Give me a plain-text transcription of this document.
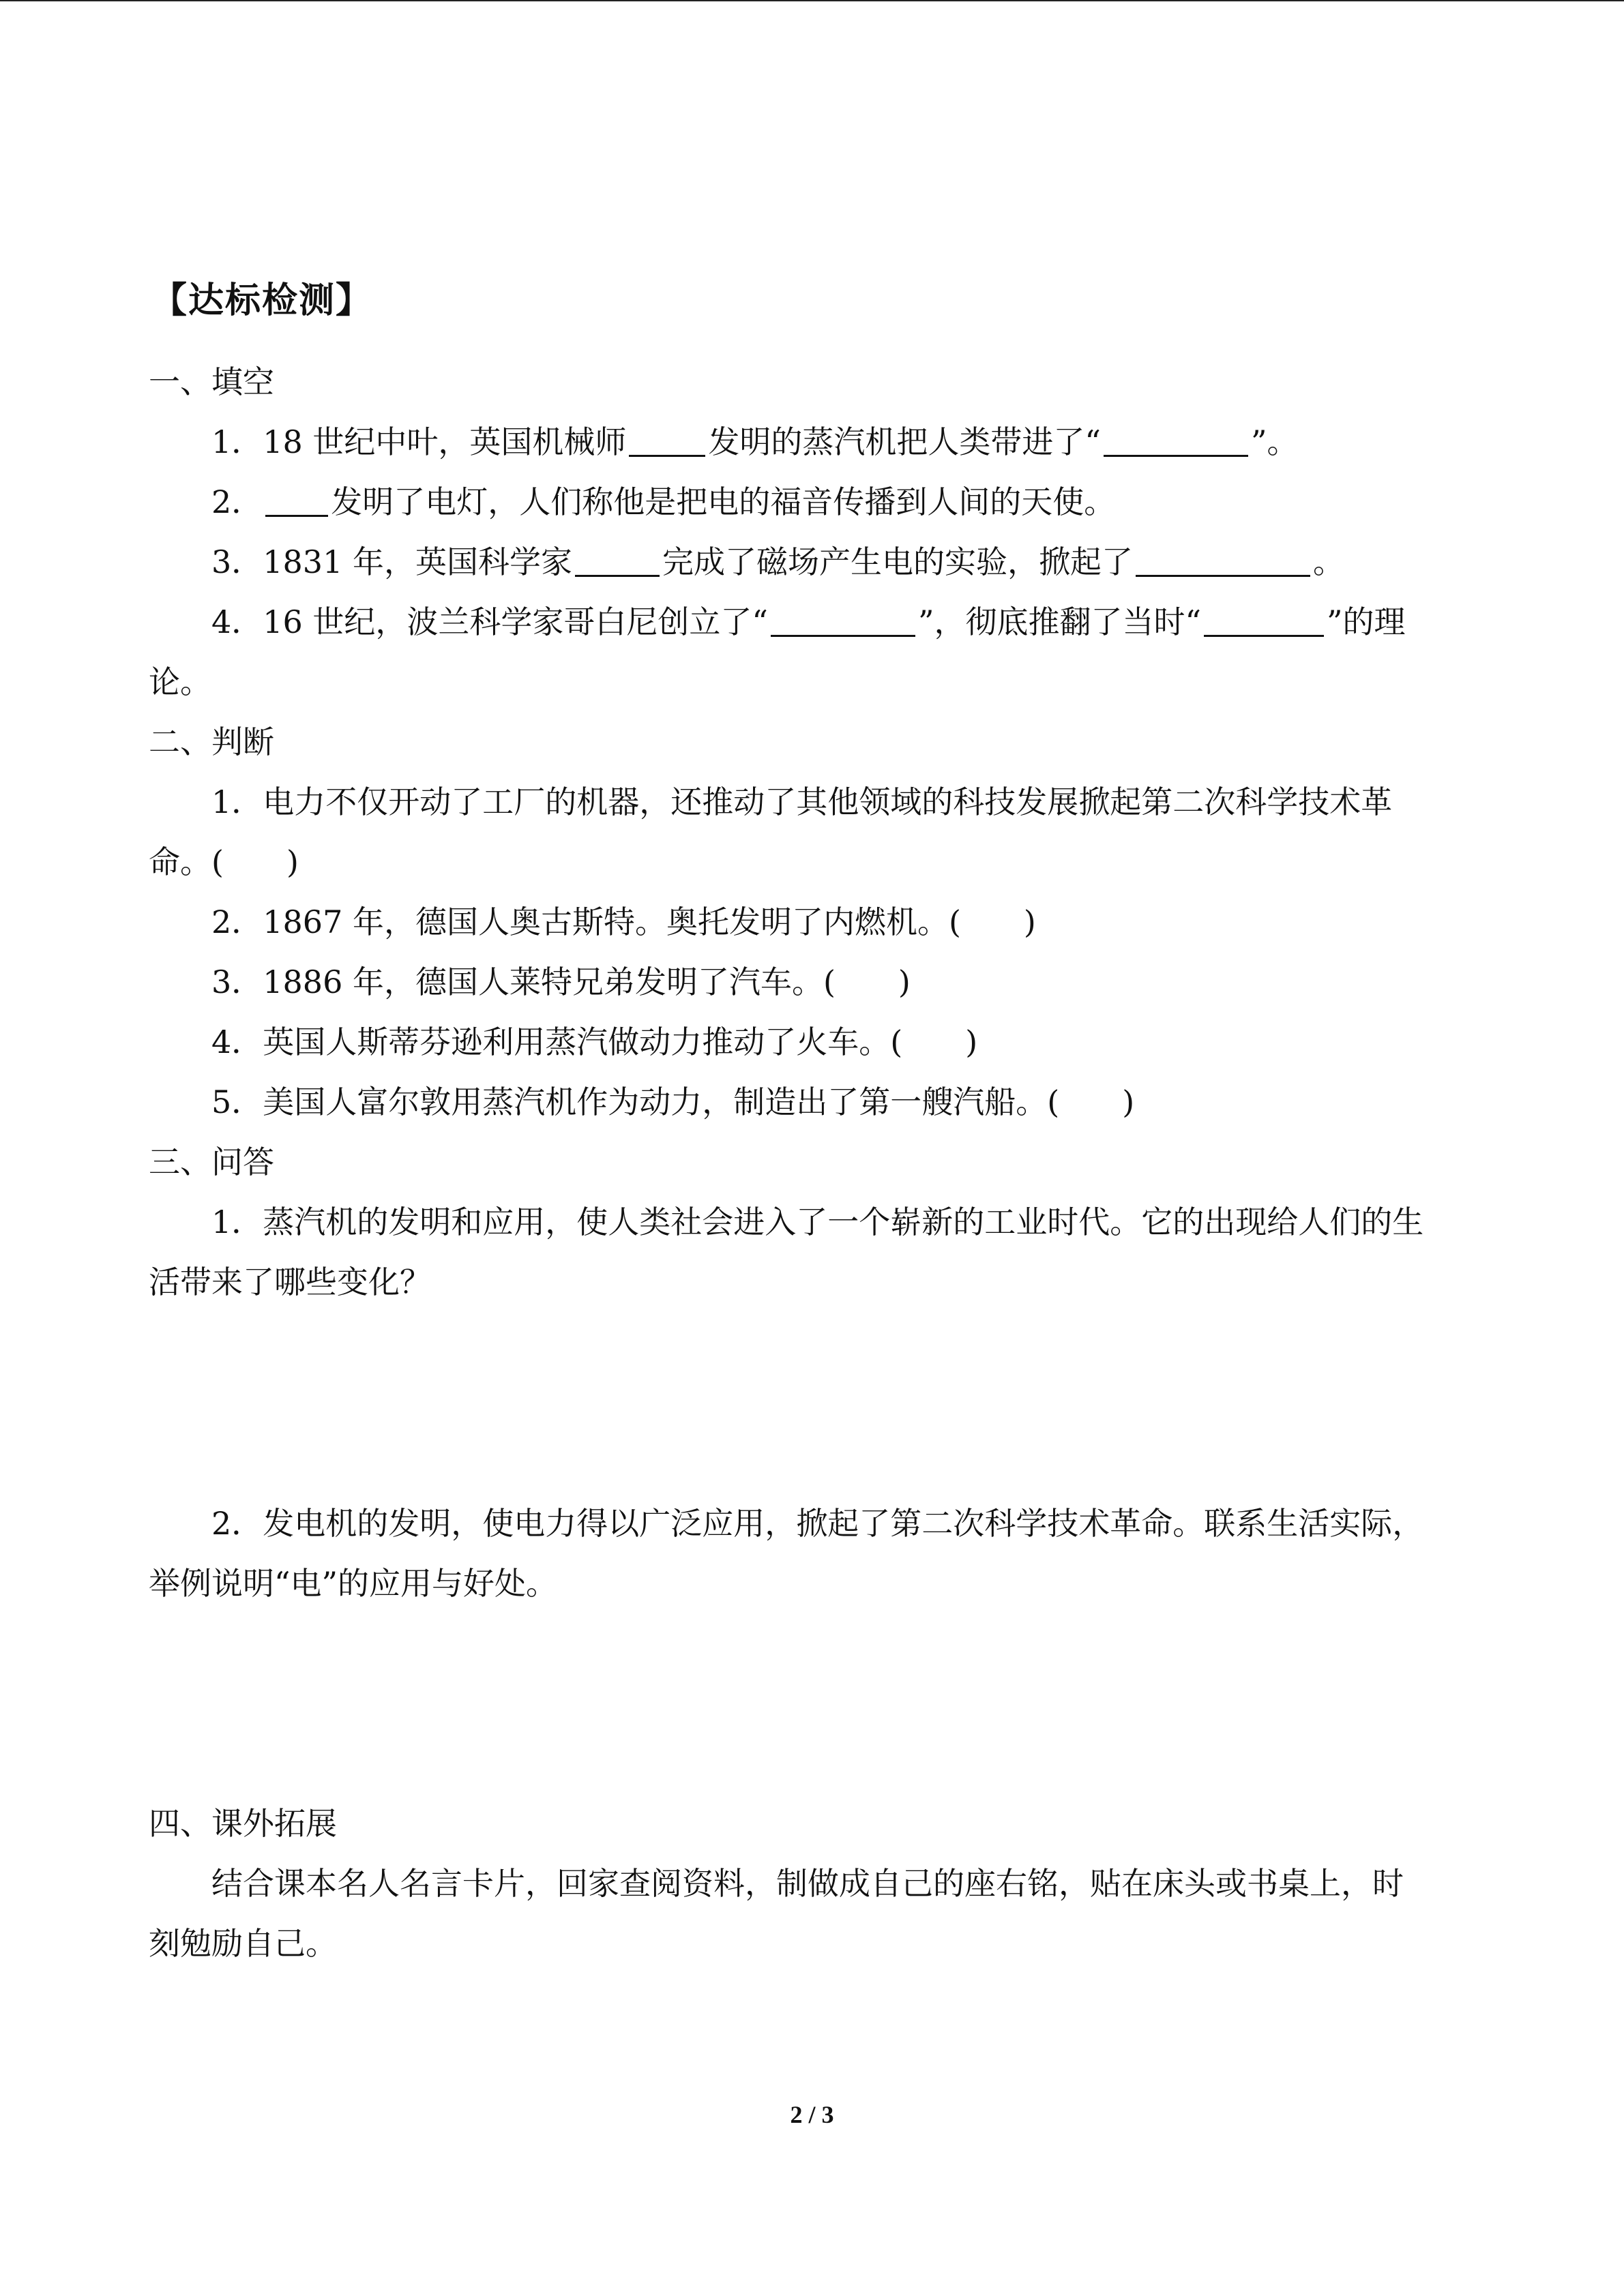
【达标检测】
一、填空
1．18 世纪中叶，英国机械师	发明的蒸汽机把人类带进了“	”。
2． 发明了电灯，人们称他是把电的福音传播到人间的天使。
3．1831 年，英国科学家	完成了磁场产生电的实验，掀起了	。
4．16 世纪，波兰科学家哥白尼创立了“	”，彻底推翻了当时“	”的理
论。
二、判断
1．电力不仅开动了工厂的机器，还推动了其他领域的科技发展掀起第二次科学技术革
命。(　　)
2．1867 年，德国人奥古斯特。奥托发明了内燃机。(　　)
3．1886 年，德国人莱特兄弟发明了汽车。(　　)
4．英国人斯蒂芬逊利用蒸汽做动力推动了火车。(　　)
5．美国人富尔敦用蒸汽机作为动力，制造出了第一艘汽船。(　　)
三、问答
1．蒸汽机的发明和应用，使人类社会进入了一个崭新的工业时代。它的出现给人们的生
活带来了哪些变化？
2．发电机的发明，使电力得以广泛应用，掀起了第二次科学技术革命。联系生活实际，
举例说明“电”的应用与好处。
四、课外拓展
结合课本名人名言卡片，回家查阅资料，制做成自己的座右铭，贴在床头或书桌上，时
刻勉励自己。
2 / 3
